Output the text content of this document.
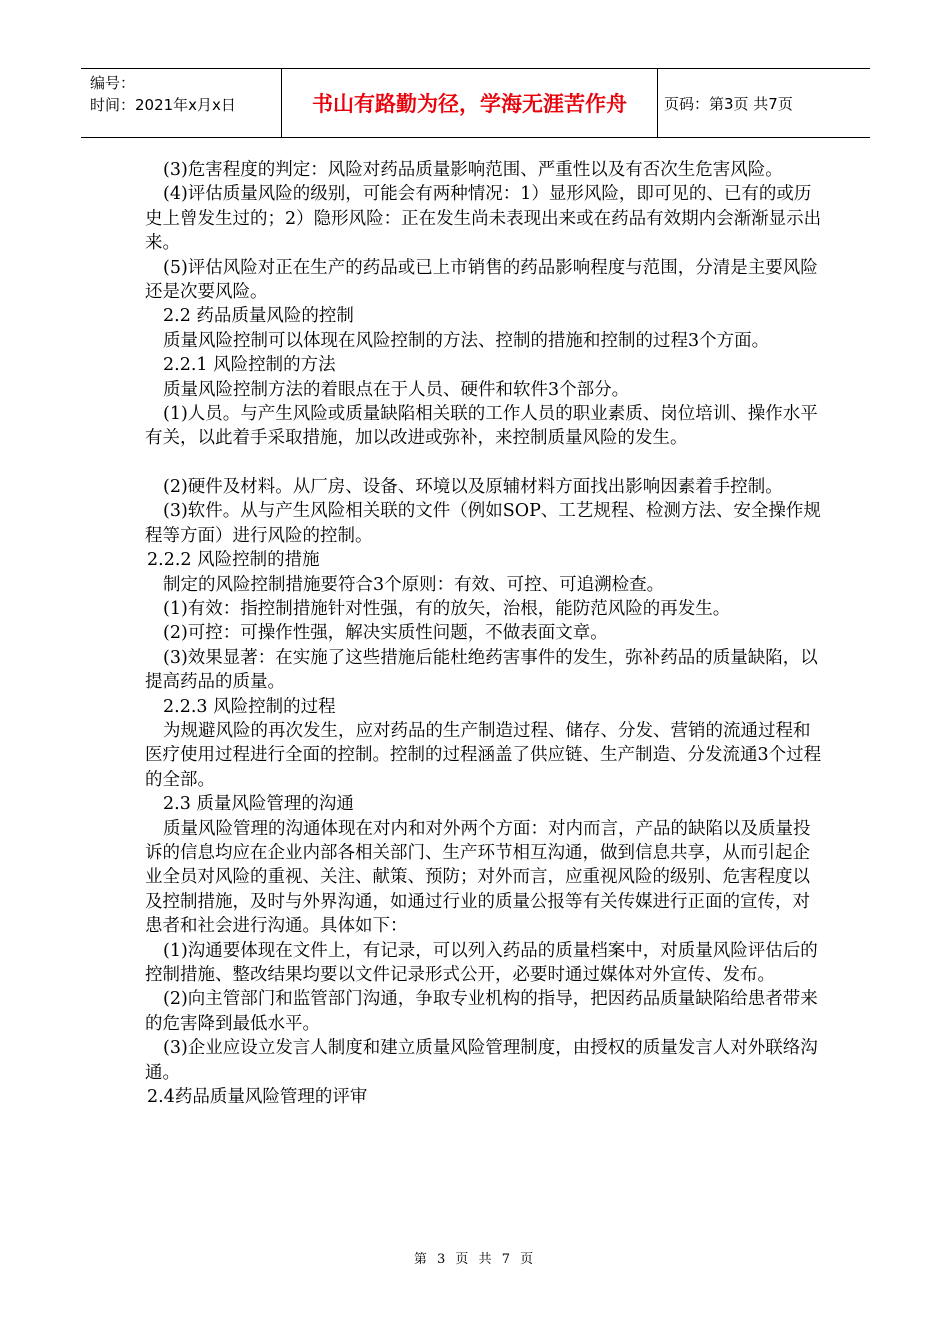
编号：
时间：2021年x月x日	书山有路勤为径，学海无涯苦作舟	页码：第3页 共7页

(3)危害程度的判定：风险对药品质量影响范围、严重性以及有否次生危害风险。

(4)评估质量风险的级别，可能会有两种情况：1）显形风险，即可见的、已有的或历史上曾发生过的；2）隐形风险：正在发生尚未表现出来或在药品有效期内会渐渐显示出来。

(5)评估风险对正在生产的药品或已上市销售的药品影响程度与范围，分清是主要风险还是次要风险。

2.2 药品质量风险的控制

质量风险控制可以体现在风险控制的方法、控制的措施和控制的过程3个方面。

2.2.1 风险控制的方法

质量风险控制方法的着眼点在于人员、硬件和软件3个部分。

(1)人员。与产生风险或质量缺陷相关联的工作人员的职业素质、岗位培训、操作水平有关，以此着手采取措施，加以改进或弥补，来控制质量风险的发生。

(2)硬件及材料。从厂房、设备、环境以及原辅材料方面找出影响因素着手控制。

(3)软件。从与产生风险相关联的文件（例如SOP、工艺规程、检测方法、安全操作规程等方面）进行风险的控制。

2.2.2 风险控制的措施

制定的风险控制措施要符合3个原则：有效、可控、可追溯检查。

(1)有效：指控制措施针对性强，有的放矢，治根，能防范风险的再发生。

(2)可控：可操作性强，解决实质性问题，不做表面文章。

(3)效果显著：在实施了这些措施后能杜绝药害事件的发生，弥补药品的质量缺陷，以提高药品的质量。

2.2.3 风险控制的过程

为规避风险的再次发生，应对药品的生产制造过程、储存、分发、营销的流通过程和医疗使用过程进行全面的控制。控制的过程涵盖了供应链、生产制造、分发流通3个过程的全部。

2.3 质量风险管理的沟通

质量风险管理的沟通体现在对内和对外两个方面：对内而言，产品的缺陷以及质量投诉的信息均应在企业内部各相关部门、生产环节相互沟通，做到信息共享，从而引起企业全员对风险的重视、关注、献策、预防；对外而言，应重视风险的级别、危害程度以及控制措施，及时与外界沟通，如通过行业的质量公报等有关传媒进行正面的宣传，对患者和社会进行沟通。具体如下：

(1)沟通要体现在文件上，有记录，可以列入药品的质量档案中，对质量风险评估后的控制措施、整改结果均要以文件记录形式公开，必要时通过媒体对外宣传、发布。

(2)向主管部门和监管部门沟通，争取专业机构的指导，把因药品质量缺陷给患者带来的危害降到最低水平。

(3)企业应设立发言人制度和建立质量风险管理制度，由授权的质量发言人对外联络沟通。

2.4药品质量风险管理的评审

第 3 页 共 7 页
